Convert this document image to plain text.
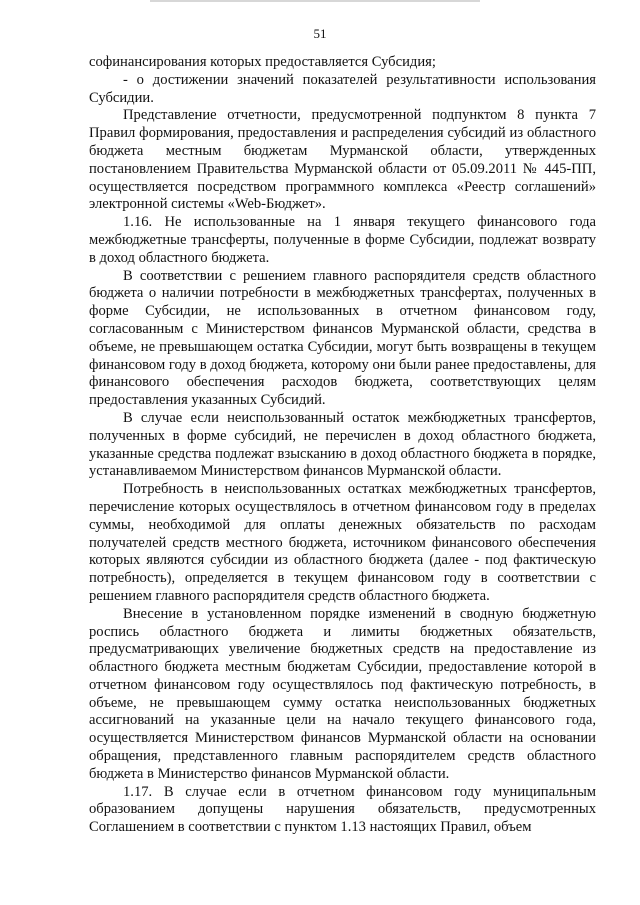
51

софинансирования которых предоставляется Субсидия;

- о достижении значений показателей результативности использования Субсидии.

Представление отчетности, предусмотренной подпунктом 8 пункта 7 Правил формирования, предоставления и распределения субсидий из областного бюджета местным бюджетам Мурманской области, утвержденных постановлением Правительства Мурманской области от 05.09.2011 № 445-ПП, осуществляется посредством программного комплекса «Реестр соглашений» электронной системы «Web-Бюджет».

1.16. Не использованные на 1 января текущего финансового года межбюджетные трансферты, полученные в форме Субсидии, подлежат возврату в доход областного бюджета.

В соответствии с решением главного распорядителя средств областного бюджета о наличии потребности в межбюджетных трансфертах, полученных в форме Субсидии, не использованных в отчетном финансовом году, согласованным с Министерством финансов Мурманской области, средства в объеме, не превышающем остатка Субсидии, могут быть возвращены в текущем финансовом году в доход бюджета, которому они были ранее предоставлены, для финансового обеспечения расходов бюджета, соответствующих целям предоставления указанных Субсидий.

В случае если неиспользованный остаток межбюджетных трансфертов, полученных в форме субсидий, не перечислен в доход областного бюджета, указанные средства подлежат взысканию в доход областного бюджета в порядке, устанавливаемом Министерством финансов Мурманской области.

Потребность в неиспользованных остатках межбюджетных трансфертов, перечисление которых осуществлялось в отчетном финансовом году в пределах суммы, необходимой для оплаты денежных обязательств по расходам получателей средств местного бюджета, источником финансового обеспечения которых являются субсидии из областного бюджета (далее - под фактическую потребность), определяется в текущем финансовом году в соответствии с решением главного распорядителя средств областного бюджета.

Внесение в установленном порядке изменений в сводную бюджетную роспись областного бюджета и лимиты бюджетных обязательств, предусматривающих увеличение бюджетных средств на предоставление из областного бюджета местным бюджетам Субсидии, предоставление которой в отчетном финансовом году осуществлялось под фактическую потребность, в объеме, не превышающем сумму остатка неиспользованных бюджетных ассигнований на указанные цели на начало текущего финансового года, осуществляется Министерством финансов Мурманской области на основании обращения, представленного главным распорядителем средств областного бюджета в Министерство финансов Мурманской области.

1.17. В случае если в отчетном финансовом году муниципальным образованием допущены нарушения обязательств, предусмотренных Соглашением в соответствии с пунктом 1.13 настоящих Правил, объем
